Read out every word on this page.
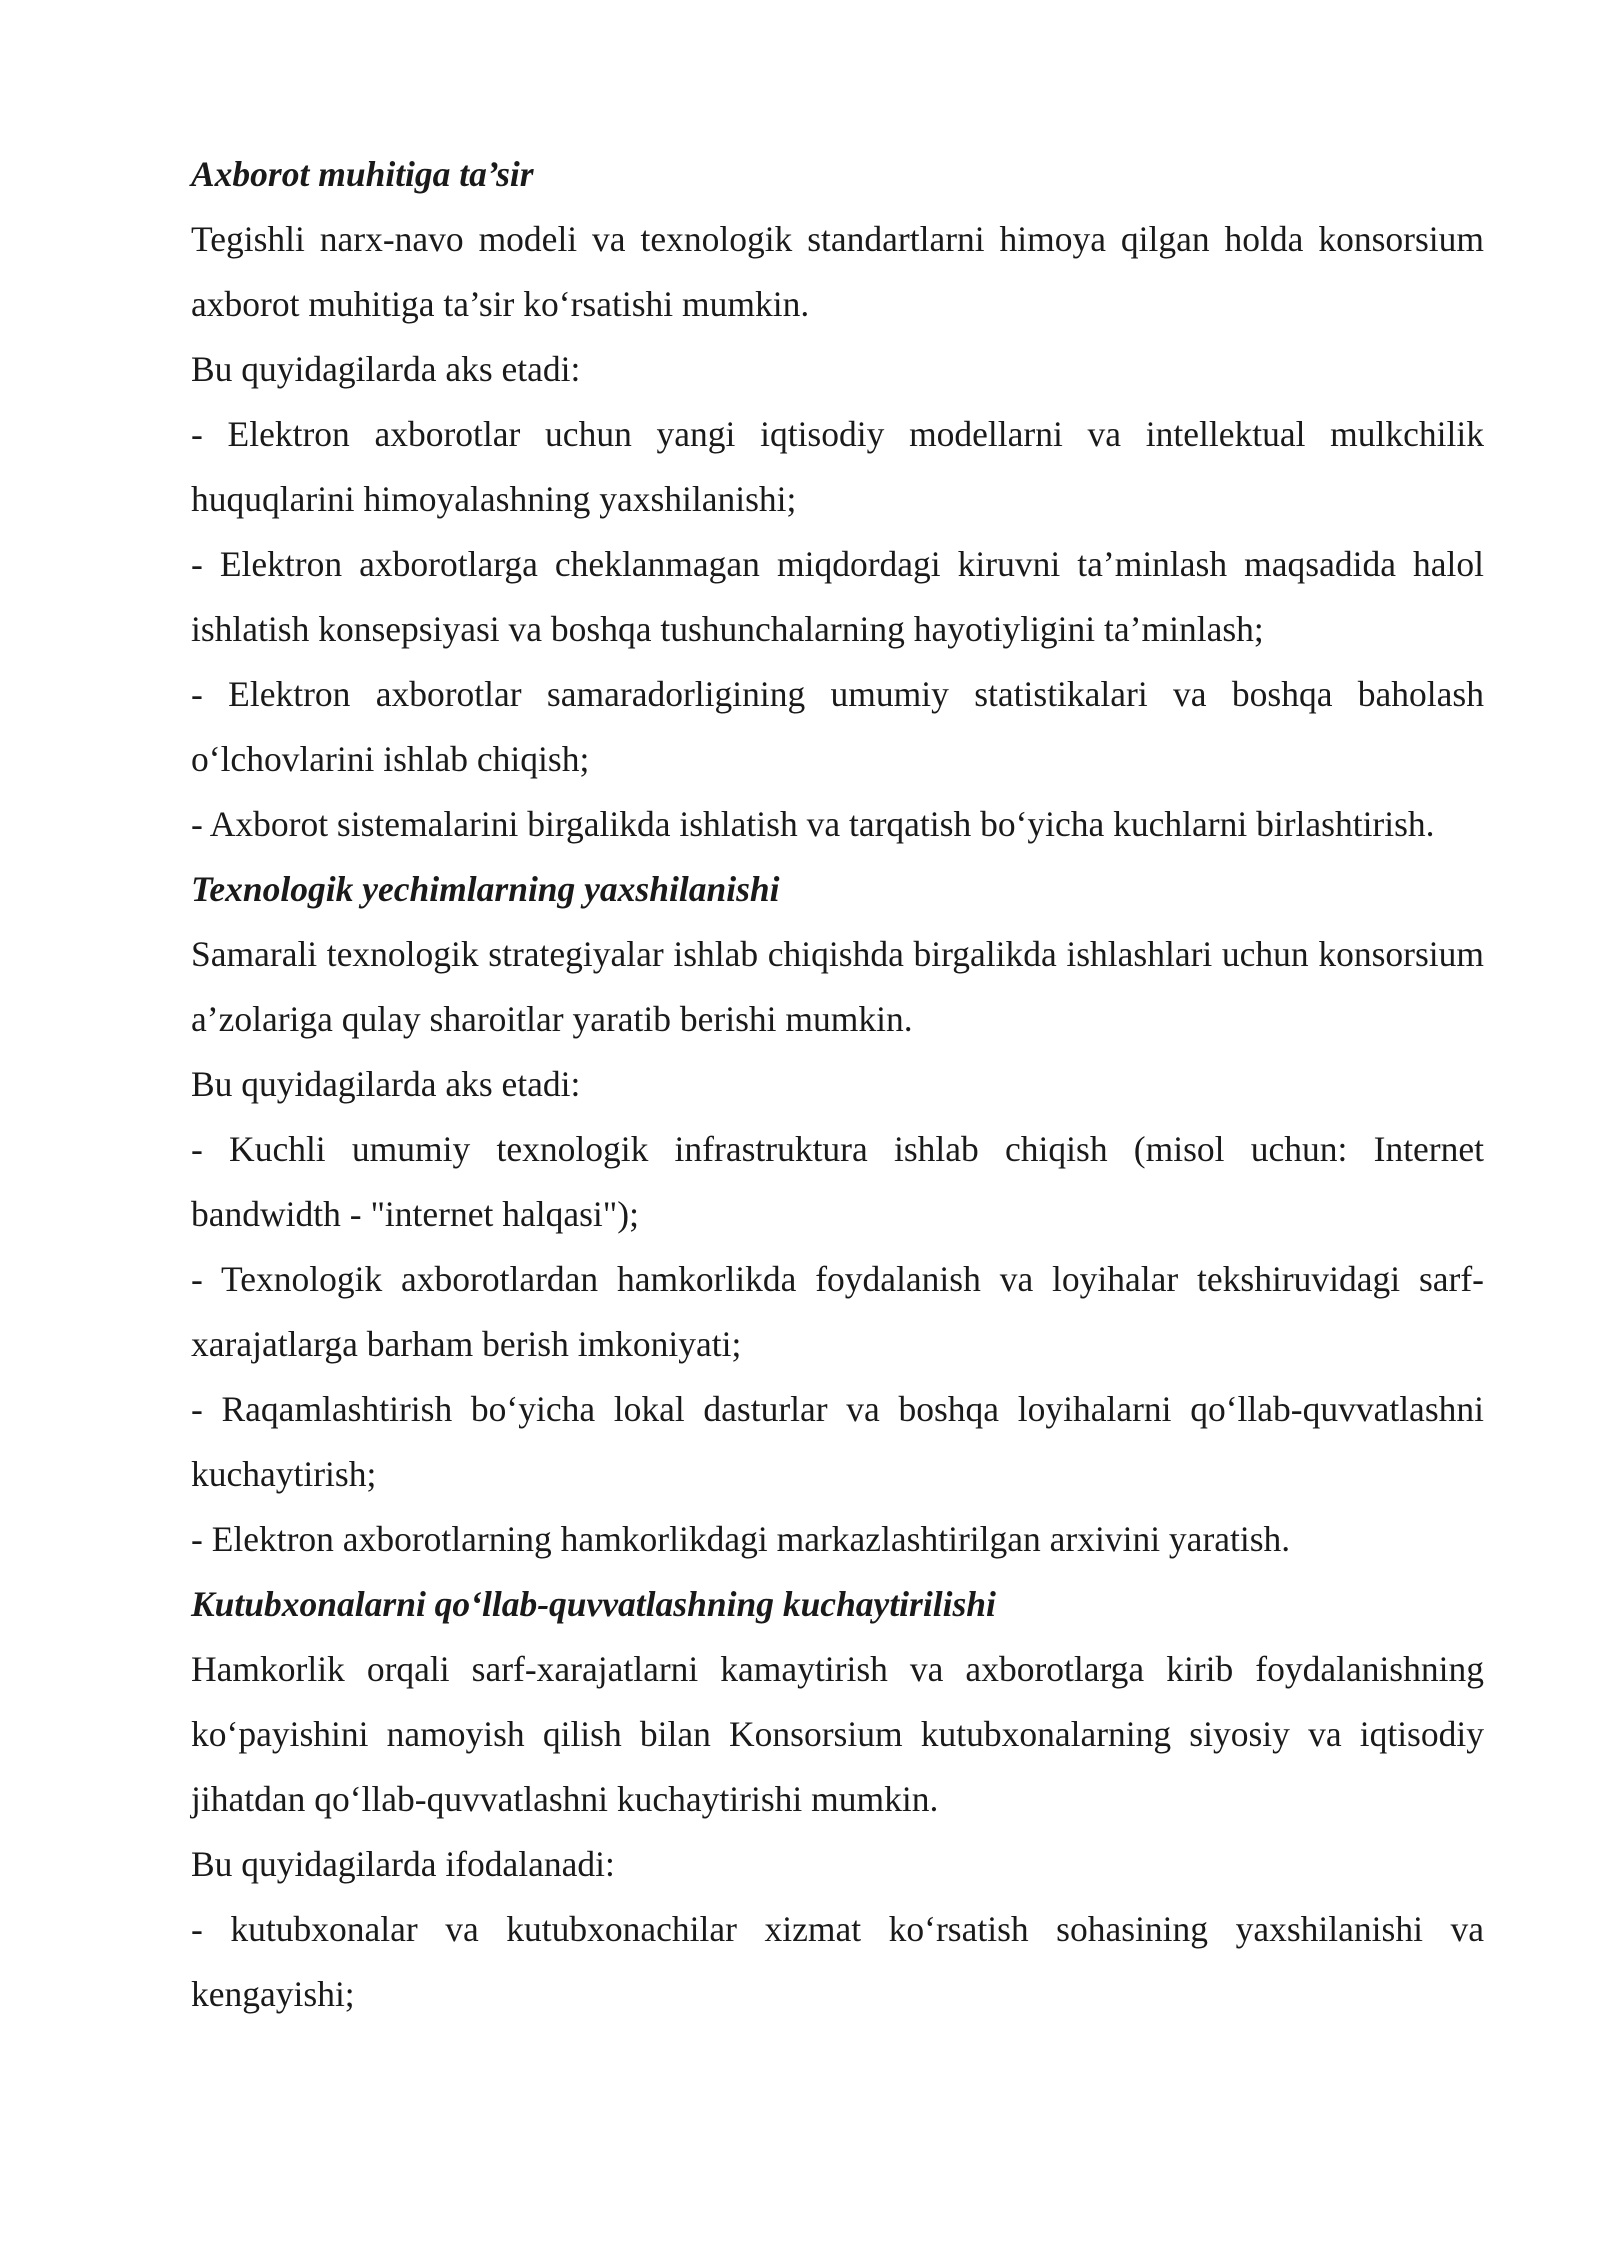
Axborot muhitiga ta’sir

Tegishli narx-navo modeli va texnologik standartlarni himoya qilgan holda konsorsium axborot muhitiga ta’sir ko‘rsatishi mumkin.

Bu quyidagilarda aks etadi:

- Elektron axborotlar uchun yangi iqtisodiy modellarni va intellektual mulkchilik huquqlarini himoyalashning yaxshilanishi;

- Elektron axborotlarga cheklanmagan miqdordagi kiruvni ta’minlash maqsadida halol ishlatish konsepsiyasi va boshqa tushunchalarning hayotiyligini ta’minlash;

- Elektron axborotlar samaradorligining umumiy statistikalari va boshqa baholash o‘lchovlarini ishlab chiqish;

- Axborot sistemalarini birgalikda ishlatish va tarqatish bo‘yicha kuchlarni birlashtirish.

Texnologik yechimlarning yaxshilanishi

Samarali texnologik strategiyalar ishlab chiqishda birgalikda ishlashlari uchun konsorsium a’zolariga qulay sharoitlar yaratib berishi mumkin.

Bu quyidagilarda aks etadi:

- Kuchli umumiy texnologik infrastruktura ishlab chiqish (misol uchun: Internet bandwidth - "internet halqasi");

- Texnologik axborotlardan hamkorlikda foydalanish va loyihalar tekshiruvidagi sarf-xarajatlarga barham berish imkoniyati;

- Raqamlashtirish bo‘yicha lokal dasturlar va boshqa loyihalarni qo‘llab-quvvatlashni kuchaytirish;

- Elektron axborotlarning hamkorlikdagi markazlashtirilgan arxivini yaratish.

Kutubxonalarni qo‘llab-quvvatlashning kuchaytirilishi

Hamkorlik orqali sarf-xarajatlarni kamaytirish va axborotlarga kirib foydalanishning ko‘payishini namoyish qilish bilan Konsorsium kutubxonalarning siyosiy va iqtisodiy jihatdan qo‘llab-quvvatlashni kuchaytirishi mumkin.

Bu quyidagilarda ifodalanadi:

- kutubxonalar va kutubxonachilar xizmat ko‘rsatish sohasining yaxshilanishi va kengayishi;
